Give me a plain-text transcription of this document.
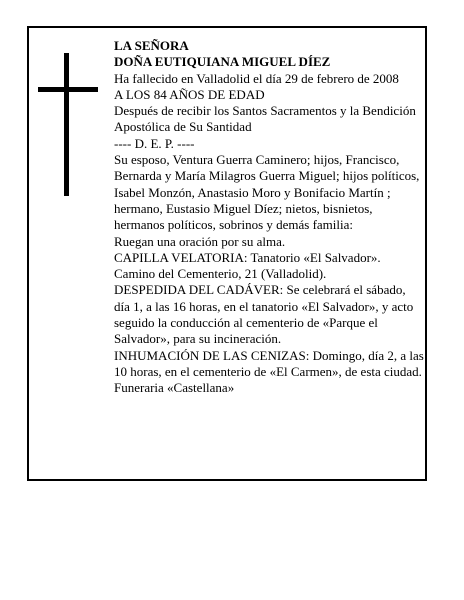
LA SEÑORA

DOÑA EUTIQUIANA MIGUEL DÍEZ

Ha fallecido en Valladolid el día 29 de febrero de 2008

A LOS 84 AÑOS DE EDAD

Después de recibir los Santos Sacramentos y la Bendición Apostólica de Su Santidad

---- D. E. P. ----

Su esposo, Ventura Guerra Caminero; hijos, Francisco, Bernarda y María Milagros Guerra Miguel; hijos políticos, Isabel Monzón, Anastasio Moro y Bonifacio Martín ; hermano, Eustasio Miguel Díez; nietos, bisnietos, hermanos políticos, sobrinos y demás familia:

Ruegan una oración por su alma.

CAPILLA VELATORIA: Tanatorio «El Salvador». Camino del Cementerio, 21 (Valladolid).

DESPEDIDA DEL CADÁVER: Se celebrará el sábado, día 1, a las 16 horas, en el tanatorio «El Salvador», y acto seguido la conducción al cementerio de «Parque el Salvador», para su incineración.

INHUMACIÓN DE LAS CENIZAS: Domingo, día 2, a las 10 horas, en el cementerio de «El Carmen», de esta ciudad.

Funeraria «Castellana»
